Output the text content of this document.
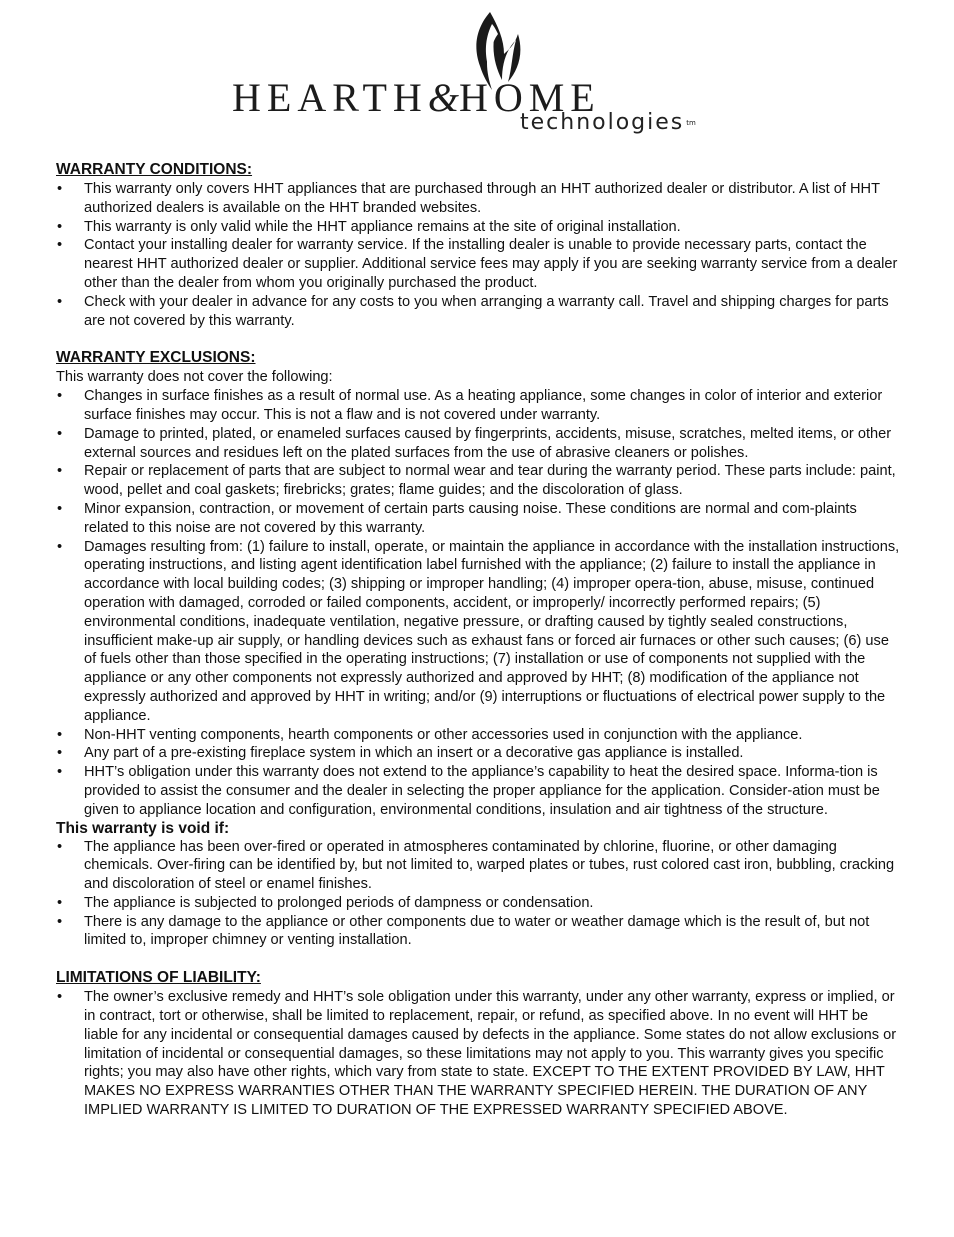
HEARTH&HOME
technologies $^{tm}$
WARRANTY CONDITIONS:
• This warranty only covers HHT appliances that are purchased through an HHT authorized dealer or distributor. A list of HHT authorized dealers is available on the HHT branded websites.
• This warranty is only valid while the HHT appliance remains at the site of original installation.
• Contact your installing dealer for warranty service. If the installing dealer is unable to provide necessary parts, contact the nearest HHT authorized dealer or supplier. Additional service fees may apply if you are seeking warranty service from a dealer other than the dealer from whom you originally purchased the product.
• Check with your dealer in advance for any costs to you when arranging a warranty call. Travel and shipping charges for parts are not covered by this warranty.
WARRANTY EXCLUSIONS:
This warranty does not cover the following:
• Changes in surface finishes as a result of normal use. As a heating appliance, some changes in color of interior and exterior surface finishes may occur. This is not a flaw and is not covered under warranty.
• Damage to printed, plated, or enameled surfaces caused by fingerprints, accidents, misuse, scratches, melted items, or other external sources and residues left on the plated surfaces from the use of abrasive cleaners or polishes.
• Repair or replacement of parts that are subject to normal wear and tear during the warranty period. These parts include: paint, wood, pellet and coal gaskets; firebricks; grates; flame guides; and the discoloration of glass.
• Minor expansion, contraction, or movement of certain parts causing noise. These conditions are normal and com-plaints related to this noise are not covered by this warranty.
• Damages resulting from: (1) failure to install, operate, or maintain the appliance in accordance with the installation instructions, operating instructions, and listing agent identification label furnished with the appliance; (2) failure to install the appliance in accordance with local building codes; (3) shipping or improper handling; (4) improper opera-tion, abuse, misuse, continued operation with damaged, corroded or failed components, accident, or improperly/ incorrectly performed repairs; (5) environmental conditions, inadequate ventilation, negative pressure, or drafting caused by tightly sealed constructions, insufficient make-up air supply, or handling devices such as exhaust fans or forced air furnaces or other such causes; (6) use of fuels other than those specified in the operating instructions; (7) installation or use of components not supplied with the appliance or any other components not expressly authorized and approved by HHT; (8) modification of the appliance not expressly authorized and approved by HHT in writing; and/or (9) interruptions or fluctuations of electrical power supply to the appliance.
• Non-HHT venting components, hearth components or other accessories used in conjunction with the appliance.
• Any part of a pre-existing fireplace system in which an insert or a decorative gas appliance is installed.
• HHT’s obligation under this warranty does not extend to the appliance’s capability to heat the desired space. Informa-tion is provided to assist the consumer and the dealer in selecting the proper appliance for the application. Consider-ation must be given to appliance location and configuration, environmental conditions, insulation and air tightness of the structure.
This warranty is void if:
• The appliance has been over-fired or operated in atmospheres contaminated by chlorine, fluorine, or other damaging chemicals. Over-firing can be identified by, but not limited to, warped plates or tubes, rust colored cast iron, bubbling, cracking and discoloration of steel or enamel finishes.
• The appliance is subjected to prolonged periods of dampness or condensation.
• There is any damage to the appliance or other components due to water or weather damage which is the result of, but not limited to, improper chimney or venting installation.
LIMITATIONS OF LIABILITY:
• The owner’s exclusive remedy and HHT’s sole obligation under this warranty, under any other warranty, express or implied, or in contract, tort or otherwise, shall be limited to replacement, repair, or refund, as specified above. In no event will HHT be liable for any incidental or consequential damages caused by defects in the appliance. Some states do not allow exclusions or limitation of incidental or consequential damages, so these limitations may not apply to you. This warranty gives you specific rights; you may also have other rights, which vary from state to state. EXCEPT TO THE EXTENT PROVIDED BY LAW, HHT MAKES NO EXPRESS WARRANTIES OTHER THAN THE WARRANTY SPECIFIED HEREIN. THE DURATION OF ANY IMPLIED WARRANTY IS LIMITED TO DURATION OF THE EXPRESSED WARRANTY SPECIFIED ABOVE.
